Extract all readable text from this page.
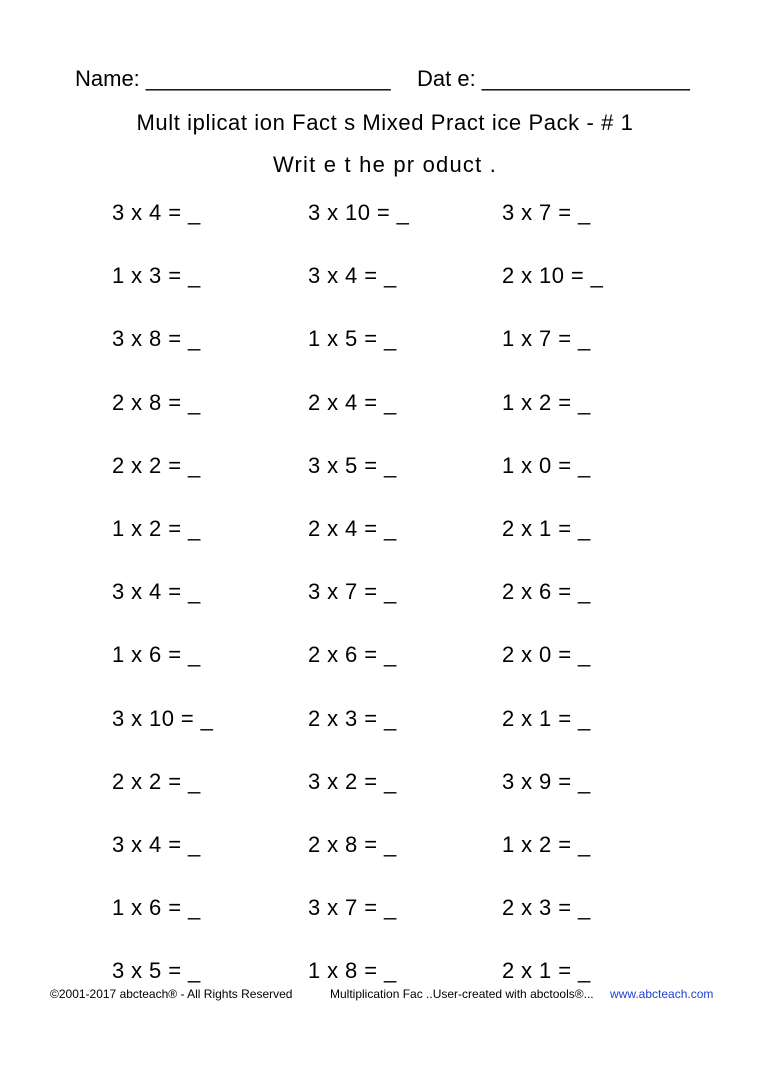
Name: ____________________

Dat e: _________________

Mult iplicat ion Fact s Mixed Pract ice Pack - # 1
Writ e t he pr oduct .
3 x 4 = _	3 x 10 = _	3 x 7 = _
1 x 3 = _	3 x 4 = _	2 x 10 = _
3 x 8 = _	1 x 5 = _	1 x 7 = _
2 x 8 = _	2 x 4 = _	1 x 2 = _
2 x 2 = _	3 x 5 = _	1 x 0 = _
1 x 2 = _	2 x 4 = _	2 x 1 = _
3 x 4 = _	3 x 7 = _	2 x 6 = _
1 x 6 = _	2 x 6 = _	2 x 0 = _
3 x 10 = _	2 x 3 = _	2 x 1 = _
2 x 2 = _	3 x 2 = _	3 x 9 = _
3 x 4 = _	2 x 8 = _	1 x 2 = _
1 x 6 = _	3 x 7 = _	2 x 3 = _
3 x 5 = _	1 x 8 = _	2 x 1 = _

©2001-2017 abcteach® - All Rights Reserved

	Multiplication Fac ..User-created with abctools®...

www.abcteach.com
